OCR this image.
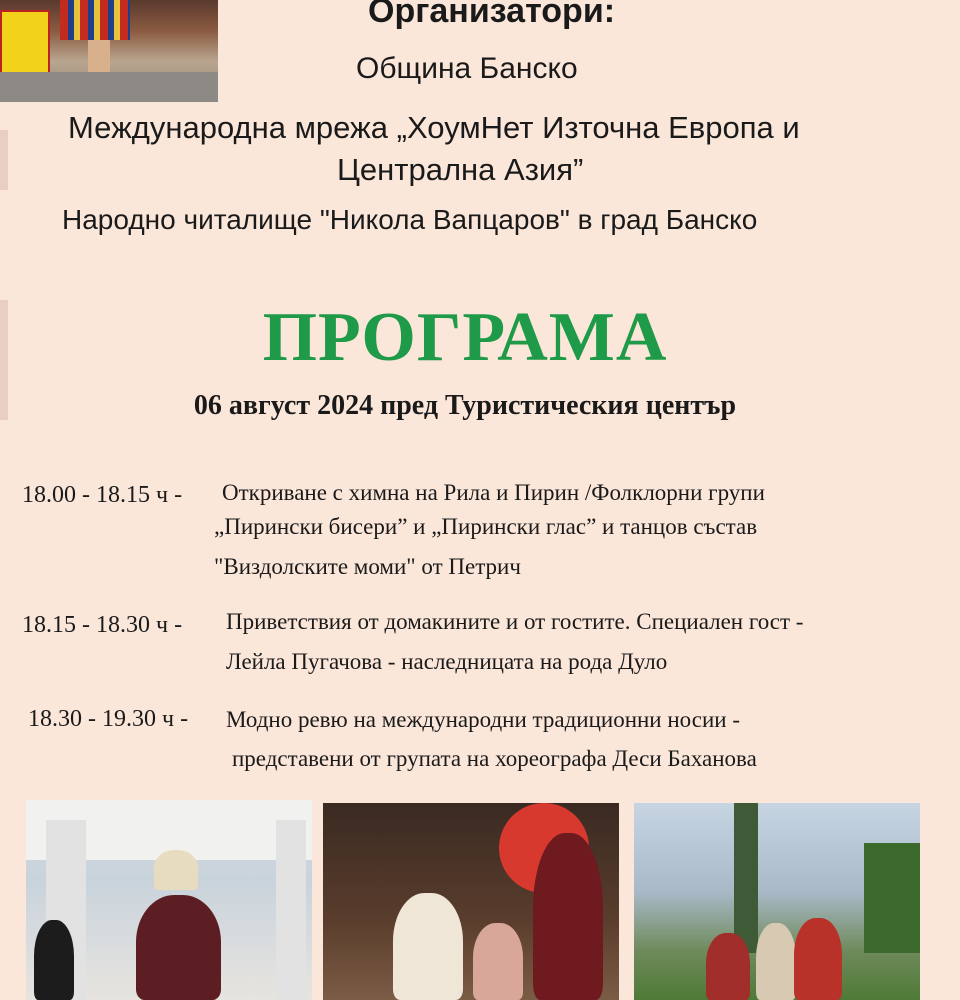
Организатори:
Община Банско
Международна мрежа „ХоумНет Източна Европа и
Централна Азия”
Народно читалище "Никола Вапцаров" в град Банско
ПРОГРАМА
06 август 2024 пред Туристическия център
18.00 - 18.15 ч - Откриване с химна на Рила и Пирин /Фолклорни групи
„Пирински бисери” и „Пирински глас” и танцов състав
"Виздолските моми" от Петрич
18.15 - 18.30 ч - Приветствия от домакините и от гостите. Специален гост -
Лейла Пугачова - наследницата на рода Дуло
18.30 - 19.30 ч - Модно ревю на международни традиционни носии -
представени от групата на хореографа Деси Баханова
